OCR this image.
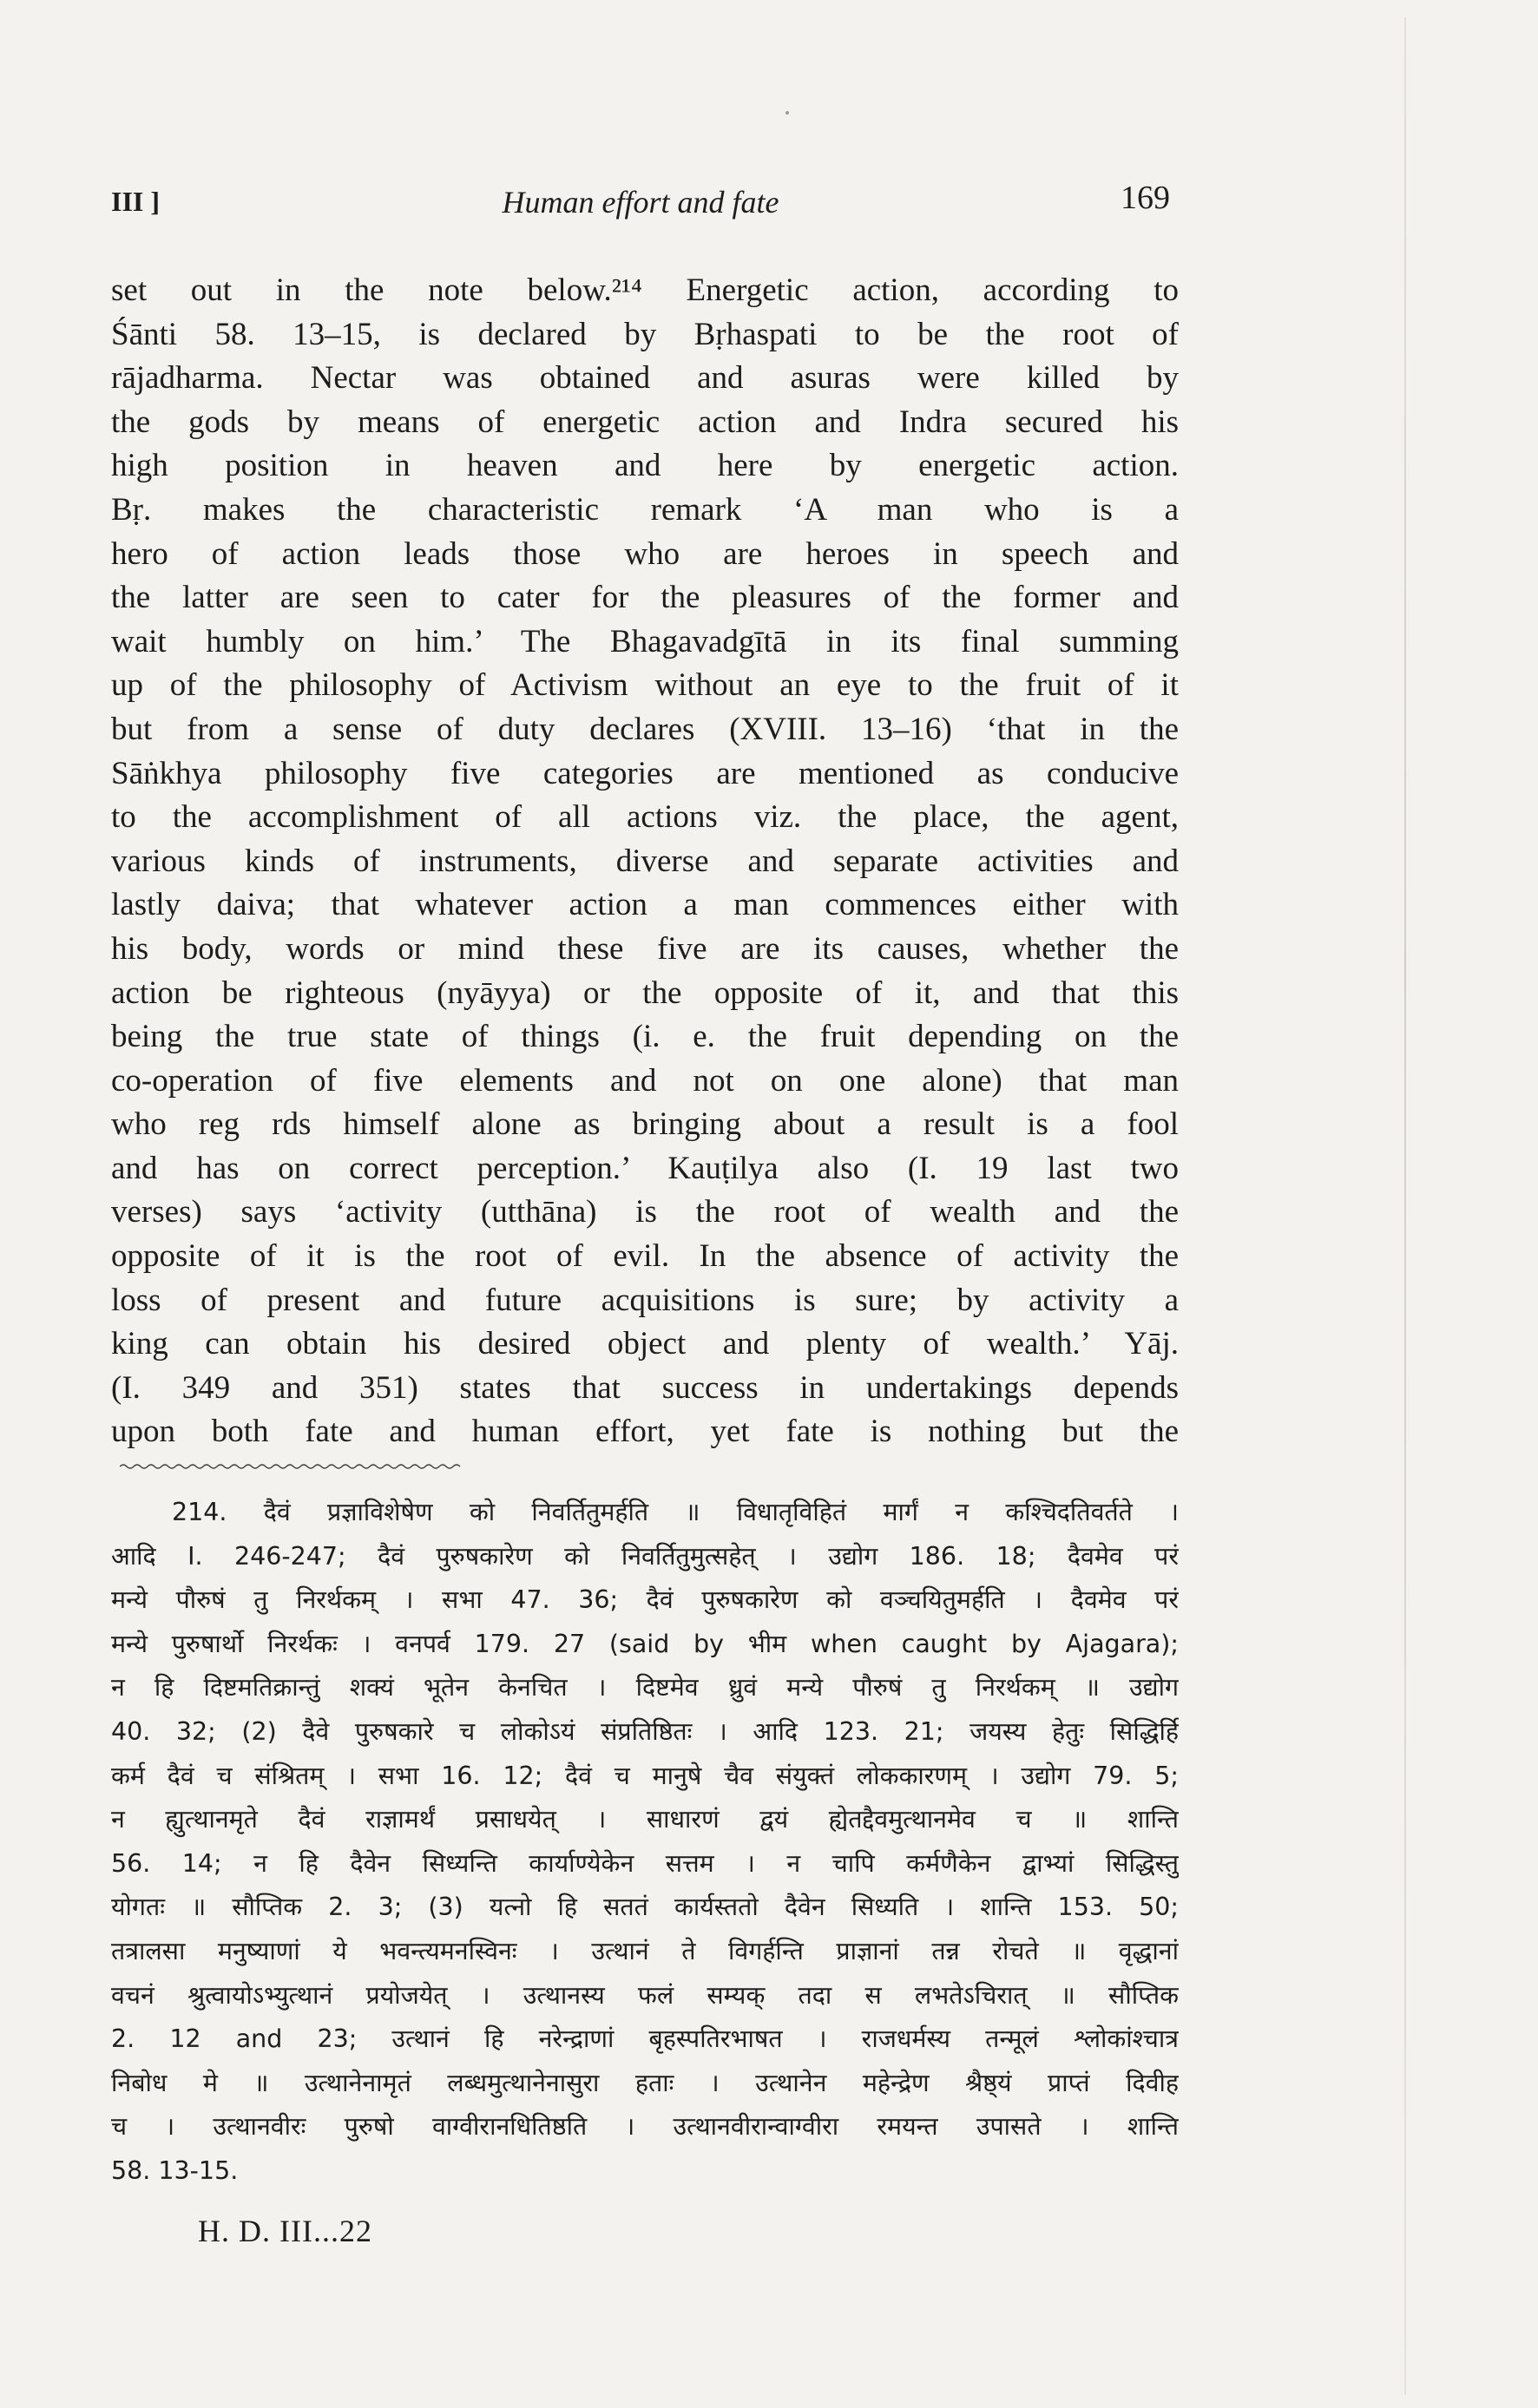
III ]	Human effort and fate	169
set out in the note below.²¹⁴ Energetic action, according to
Śānti 58. 13–15, is declared by Bṛhaspati to be the root of
rājadharma. Nectar was obtained and asuras were killed by
the gods by means of energetic action and Indra secured his
high position in heaven and here by energetic action.
Bṛ. makes the characteristic remark ‘A man who is a
hero of action leads those who are heroes in speech and
the latter are seen to cater for the pleasures of the former and
wait humbly on him.’ The Bhagavadgītā in its final summing
up of the philosophy of Activism without an eye to the fruit of it
but from a sense of duty declares (XVIII. 13–16) ‘that in the
Sāṅkhya philosophy five categories are mentioned as conducive
to the accomplishment of all actions viz. the place, the agent,
various kinds of instruments, diverse and separate activities and
lastly daiva; that whatever action a man commences either with
his body, words or mind these five are its causes, whether the
action be righteous (nyāyya) or the opposite of it, and that this
being the true state of things (i. e. the fruit depending on the
co-operation of five elements and not on one alone) that man
who reg rds himself alone as bringing about a result is a fool
and has on correct perception.’ Kauṭilya also (I. 19 last two
verses) says ‘activity (utthāna) is the root of wealth and the
opposite of it is the root of evil. In the absence of activity the
loss of present and future acquisitions is sure; by activity a
king can obtain his desired object and plenty of wealth.’ Yāj.
(I. 349 and 351) states that success in undertakings depends
upon both fate and human effort, yet fate is nothing but the
214. दैवं प्रज्ञाविशेषेण को निवर्तितुमर्हति ॥ विधातृविहितं मार्गं न कश्चिदतिवर्तते ।
आदि I. 246-247; दैवं पुरुषकारेण को निवर्तितुमुत्सहेत् । उद्योग 186. 18; दैवमेव परं
मन्ये पौरुषं तु निरर्थकम् । सभा 47. 36; दैवं पुरुषकारेण को वञ्चयितुमर्हति । दैवमेव परं
मन्ये पुरुषार्थो निरर्थकः । वनपर्व 179. 27 (said by भीम when caught by Ajagara);
न हि दिष्टमतिक्रान्तुं शक्यं भूतेन केनचित । दिष्टमेव ध्रुवं मन्ये पौरुषं तु निरर्थकम् ॥ उद्योग
40. 32; (2) दैवे पुरुषकारे च लोकोऽयं संप्रतिष्ठितः । आदि 123. 21; जयस्य हेतुः सिद्धिर्हि
कर्म दैवं च संश्रितम् । सभा 16. 12; दैवं च मानुषे चैव संयुक्तं लोककारणम् । उद्योग 79. 5;
न ह्युत्थानमृते दैवं राज्ञामर्थं प्रसाधयेत् । साधारणं द्वयं ह्येतद्दैवमुत्थानमेव च ॥ शान्ति
56. 14; न हि दैवेन सिध्यन्ति कार्याण्येकेन सत्तम । न चापि कर्मणैकेन द्वाभ्यां सिद्धिस्तु
योगतः ॥ सौप्तिक 2. 3; (3) यत्नो हि सततं कार्यस्ततो दैवेन सिध्यति । शान्ति 153. 50;
तत्रालसा मनुष्याणां ये भवन्त्यमनस्विनः । उत्थानं ते विगर्हन्ति प्राज्ञानां तन्न रोचते ॥ वृद्धानां
वचनं श्रुत्वायोऽभ्युत्थानं प्रयोजयेत् । उत्थानस्य फलं सम्यक् तदा स लभतेऽचिरात् ॥ सौप्तिक
2. 12 and 23; उत्थानं हि नरेन्द्राणां बृहस्पतिरभाषत । राजधर्मस्य तन्मूलं श्लोकांश्चात्र
निबोध मे ॥ उत्थानेनामृतं लब्धमुत्थानेनासुरा हताः । उत्थानेन महेन्द्रेण श्रैष्ठ्यं प्राप्तं दिवीह
च । उत्थानवीरः पुरुषो वाग्वीरानधितिष्ठति । उत्थानवीरान्वाग्वीरा रमयन्त उपासते । शान्ति
58. 13-15.
H. D. III...22
